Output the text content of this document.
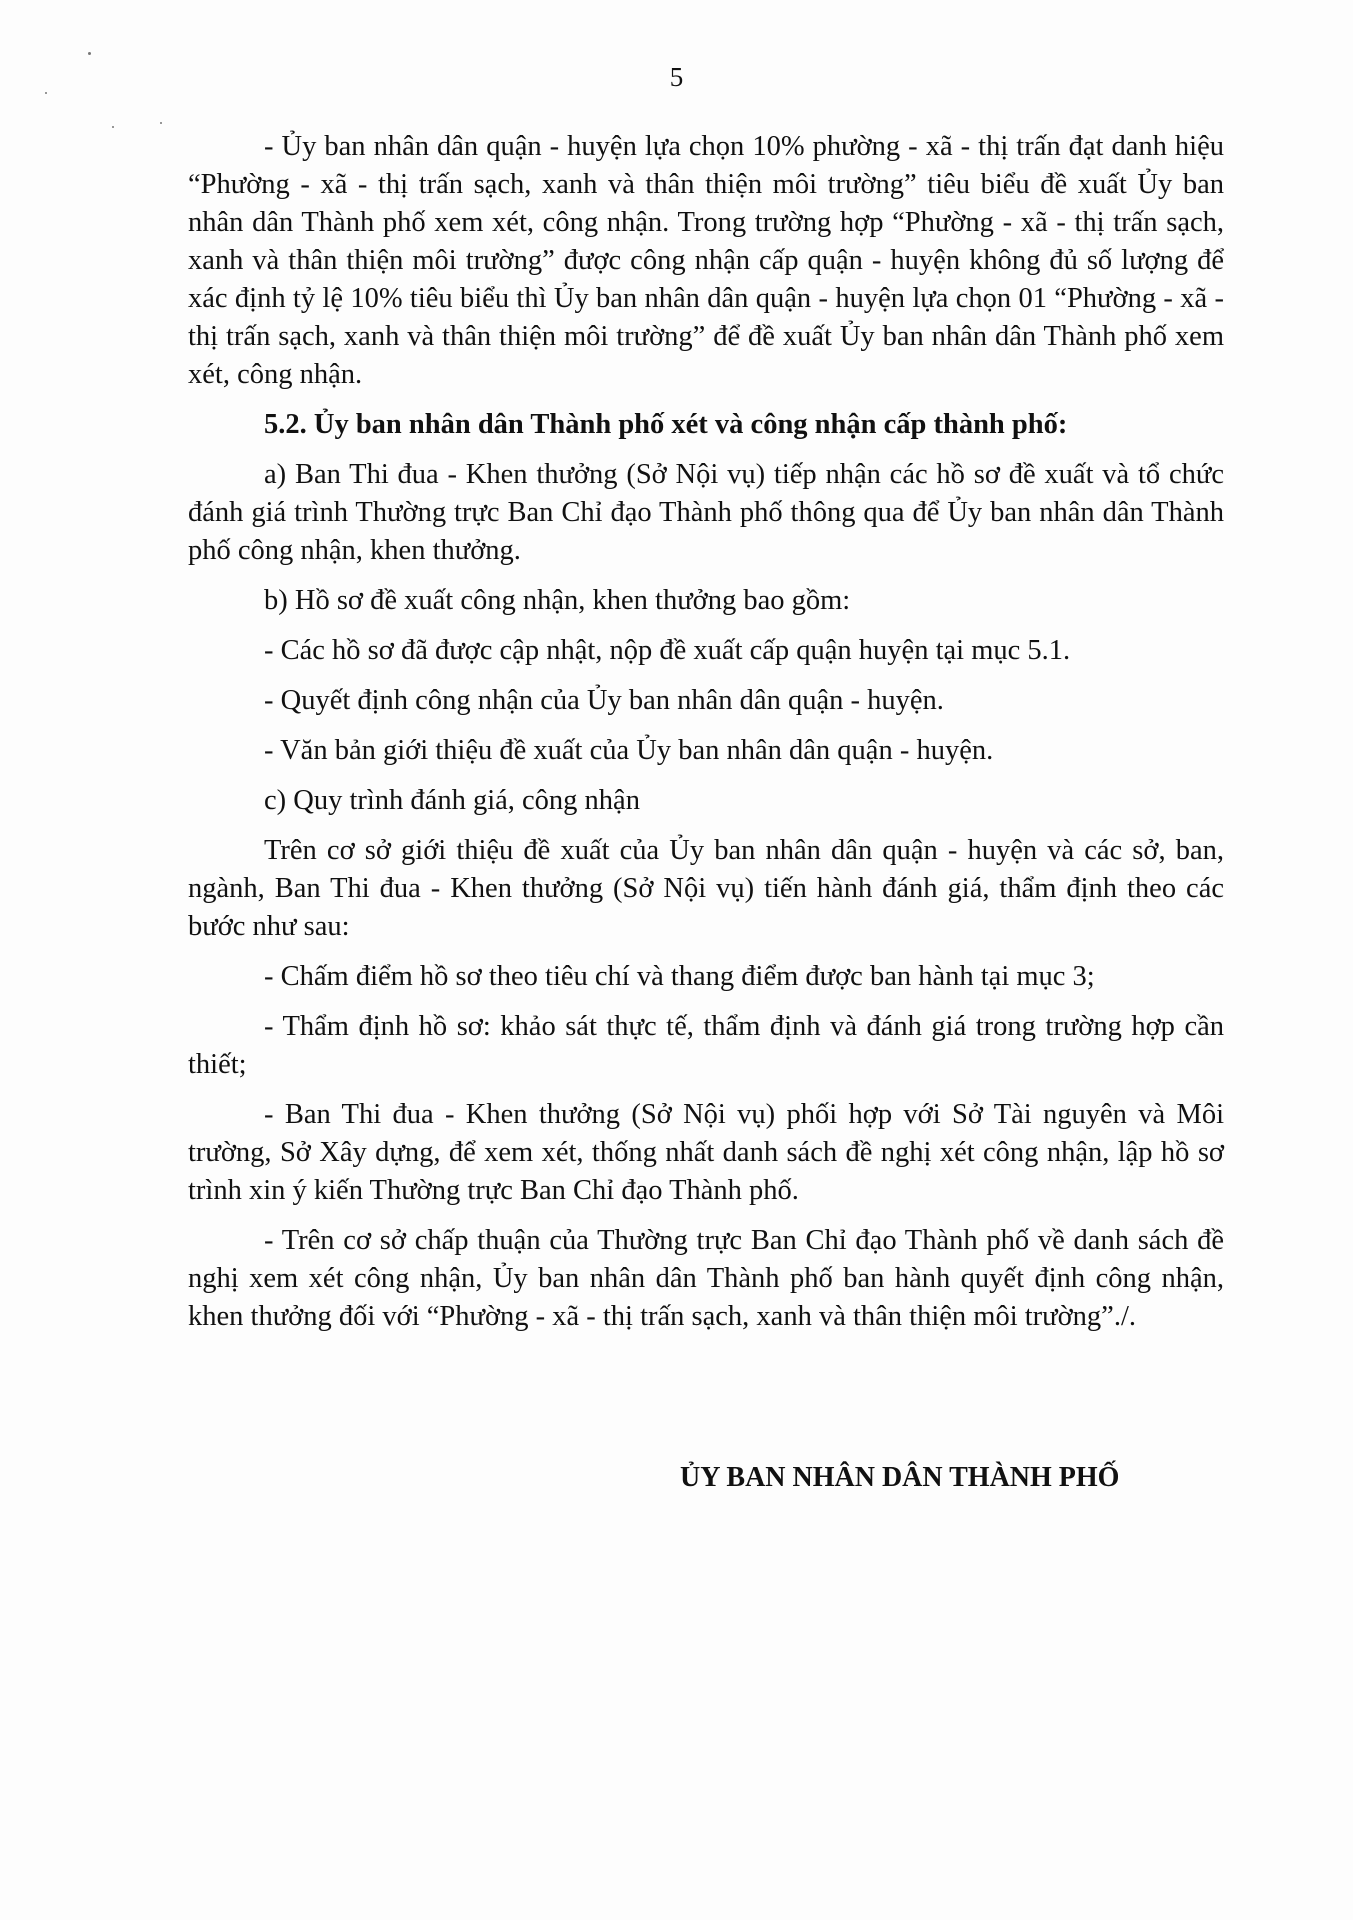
5

- Ủy ban nhân dân quận - huyện lựa chọn 10% phường - xã - thị trấn đạt danh hiệu “Phường - xã - thị trấn sạch, xanh và thân thiện môi trường” tiêu biểu đề xuất Ủy ban nhân dân Thành phố xem xét, công nhận. Trong trường hợp “Phường - xã - thị trấn sạch, xanh và thân thiện môi trường” được công nhận cấp quận - huyện không đủ số lượng để xác định tỷ lệ 10% tiêu biểu thì Ủy ban nhân dân quận - huyện lựa chọn 01 “Phường - xã - thị trấn sạch, xanh và thân thiện môi trường” để đề xuất Ủy ban nhân dân Thành phố xem xét, công nhận.

5.2. Ủy ban nhân dân Thành phố xét và công nhận cấp thành phố:

a) Ban Thi đua - Khen thưởng (Sở Nội vụ) tiếp nhận các hồ sơ đề xuất và tổ chức đánh giá trình Thường trực Ban Chỉ đạo Thành phố thông qua để Ủy ban nhân dân Thành phố công nhận, khen thưởng.

b) Hồ sơ đề xuất công nhận, khen thưởng bao gồm:

- Các hồ sơ đã được cập nhật, nộp đề xuất cấp quận huyện tại mục 5.1.

- Quyết định công nhận của Ủy ban nhân dân quận - huyện.

- Văn bản giới thiệu đề xuất của Ủy ban nhân dân quận - huyện.

c) Quy trình đánh giá, công nhận

Trên cơ sở giới thiệu đề xuất của Ủy ban nhân dân quận - huyện và các sở, ban, ngành, Ban Thi đua - Khen thưởng (Sở Nội vụ) tiến hành đánh giá, thẩm định theo các bước như sau:

- Chấm điểm hồ sơ theo tiêu chí và thang điểm được ban hành tại mục 3;

- Thẩm định hồ sơ: khảo sát thực tế, thẩm định và đánh giá trong trường hợp cần thiết;

- Ban Thi đua - Khen thưởng (Sở Nội vụ) phối hợp với Sở Tài nguyên và Môi trường, Sở Xây dựng, để xem xét, thống nhất danh sách đề nghị xét công nhận, lập hồ sơ trình xin ý kiến Thường trực Ban Chỉ đạo Thành phố.

- Trên cơ sở chấp thuận của Thường trực Ban Chỉ đạo Thành phố về danh sách đề nghị xem xét công nhận, Ủy ban nhân dân Thành phố ban hành quyết định công nhận, khen thưởng đối với “Phường - xã - thị trấn sạch, xanh và thân thiện môi trường”./.

ỦY BAN NHÂN DÂN THÀNH PHỐ
